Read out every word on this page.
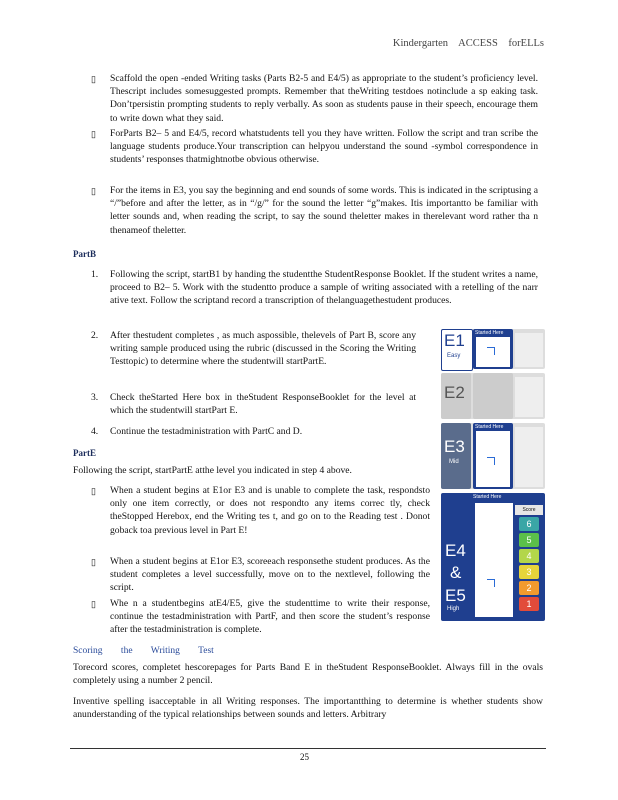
Kindergarten ACCESS forELLs
▯ Scaffold the open -ended Writing tasks (Parts B2-5 and E4/5) as appropriate to the student’s proficiency level. Thescript includes somesuggested prompts. Remember that theWriting testdoes notinclude a sp eaking task. Don’tpersistin prompting students to reply verbally. As soon as students pause in their speech, encourage them to write down what they said.
▯ ForParts B2– 5 and E4/5, record whatstudents tell you they have written. Follow the script and tran scribe the language students produce.Your transcription can helpyou understand the sound -symbol correspondence in students’ responses thatmightnotbe obvious otherwise.
▯ For the items in E3, you say the beginning and end sounds of some words. This is indicated in the scriptusing a “/”before and after the letter, as in “/g/” for the sound the letter “g”makes. Itis importantto be familiar with letter sounds and, when reading the script, to say the sound theletter makes in therelevant word rather tha n thenameof theletter.
PartB
1. Following the script, startB1 by handing the studentthe StudentResponse Booklet. If the student writes a name, proceed to B2– 5. Work with the studentto produce a sample of writing associated with a retelling of the narr ative text. Follow the scriptand record a transcription of thelanguagethestudent produces.
2. After thestudent completes , as much aspossible, thelevels of Part B, score any writing sample produced using the rubric (discussed in the Scoring the Writing Testtopic) to determine where the studentwill startPartE.
3. Check theStarted Here box in theStudent ResponseBooklet for the level at which the studentwill startPart E.
4. Continue the testadministration with PartC and D.
PartE
Following the script, startPartE atthe level you indicated in step 4 above.
▯ When a student begins at E1or E3 and is unable to complete the task, respondsto only one item correctly, or does not respondto any items correc tly, check theStopped Herebox, end the Writing tes t, and go on to the Reading test . Donot goback toa previous level in Part E!
▯ When a student begins at E1or E3, scoreeach responsethe student produces. As the student completes a level successfully, move on to the nextlevel, following the script.
▯ Whe n a studentbegins atE4/E5, give the studenttime to write their response, continue the testadministration with PartF, and then score the student’s response after the testadministration is complete.
Scoring the Writing Test
Torecord scores, completet hescorepages for Parts Band E in theStudent ResponseBooklet. Always fill in the ovals completely using a number 2 pencil.
Inventive spelling isacceptable in all Writing responses. The importantthing to determine is whether students show anunderstanding of the typical relationships between sounds and letters. Arbitrary
25
E1
Easy
Started Here
E2
E3
Mid
Started Here
Started Here
E4
&
E5
High
Score
6
5
4
3
2
1
